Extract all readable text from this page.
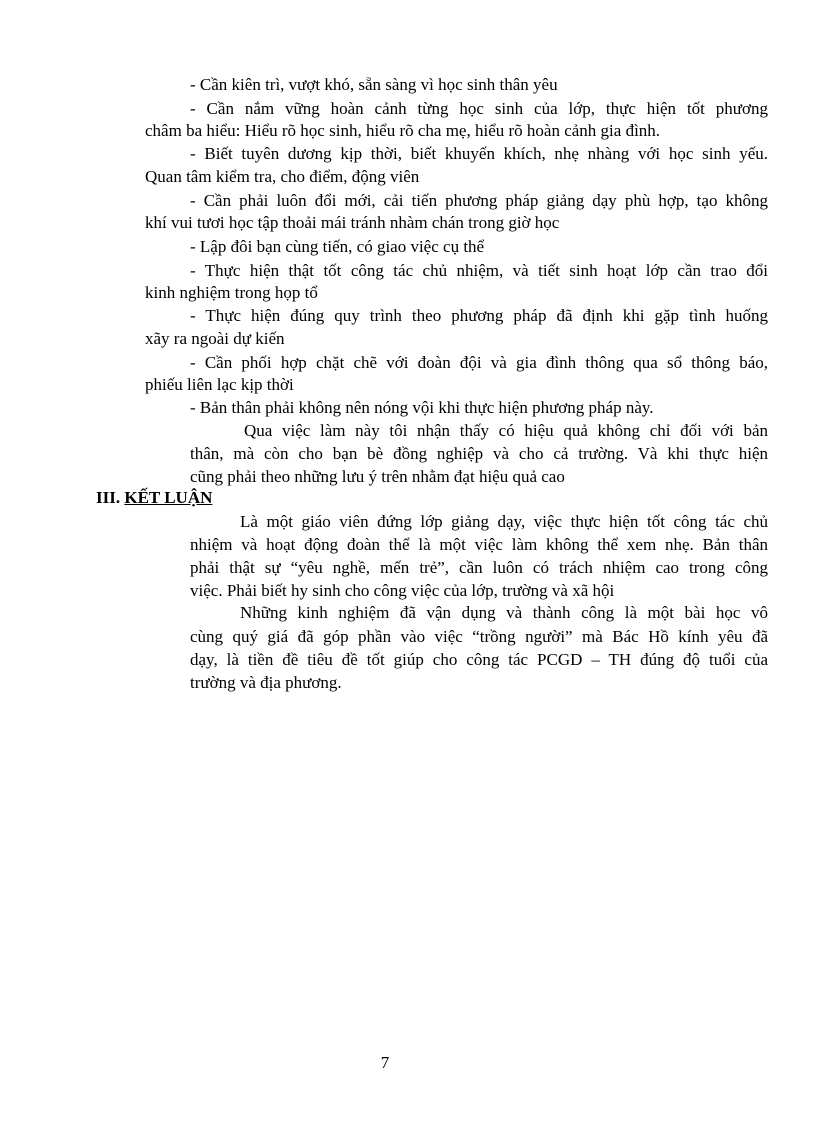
- Cần kiên trì, vượt khó, sẵn sàng vì học sinh thân yêu
- Cần nắm vững hoàn cảnh từng học sinh của lớp, thực hiện tốt phương
châm ba hiểu: Hiểu rõ học sinh, hiểu rõ cha mẹ, hiểu rõ hoàn cảnh gia đình.
- Biết tuyên dương kịp thời, biết khuyến khích, nhẹ nhàng với học sinh yếu.
Quan tâm kiểm tra, cho điểm, động viên
- Cần phải luôn đổi mới, cải tiến phương pháp giảng dạy phù hợp, tạo không
khí vui tươi học tập thoải mái tránh nhàm chán trong giờ học
- Lập đôi bạn cùng tiến, có giao việc cụ thể
- Thực hiện thật tốt công tác chủ nhiệm, và tiết sinh hoạt lớp cần trao đổi
kinh nghiệm trong họp tổ
- Thực hiện đúng quy trình theo phương pháp đã định khi gặp tình huống
xãy ra ngoài dự kiến
- Cần phối hợp chặt chẽ với đoàn đội và gia đình thông qua sổ thông báo,
phiếu liên lạc kịp thời
- Bản thân phải không nên nóng vội khi thực hiện phương pháp này.
Qua việc làm này tôi nhận thấy có hiệu quả không chỉ đối với bản
thân, mà còn cho bạn bè đồng nghiệp và cho cả trường. Và khi thực hiện
cũng phải theo những lưu ý trên nhằm đạt hiệu quả cao
III. KẾT LUẬN
Là một giáo viên đứng lớp giảng dạy, việc thực hiện tốt công tác chủ
nhiệm và hoạt động đoàn thể là một việc làm không thể xem nhẹ. Bản thân
phải thật sự “yêu nghề, mến trẻ”, cần luôn có trách nhiệm cao trong công
việc. Phải biết hy sinh cho công việc của lớp, trường và xã hội
Những kinh nghiệm đã vận dụng và thành công là một bài học vô
cùng quý giá đã góp phần vào việc “trồng người” mà Bác Hồ kính yêu đã
dạy, là tiền đề tiêu đề tốt giúp cho công tác PCGD – TH đúng độ tuổi của
trường và địa phương.
7
